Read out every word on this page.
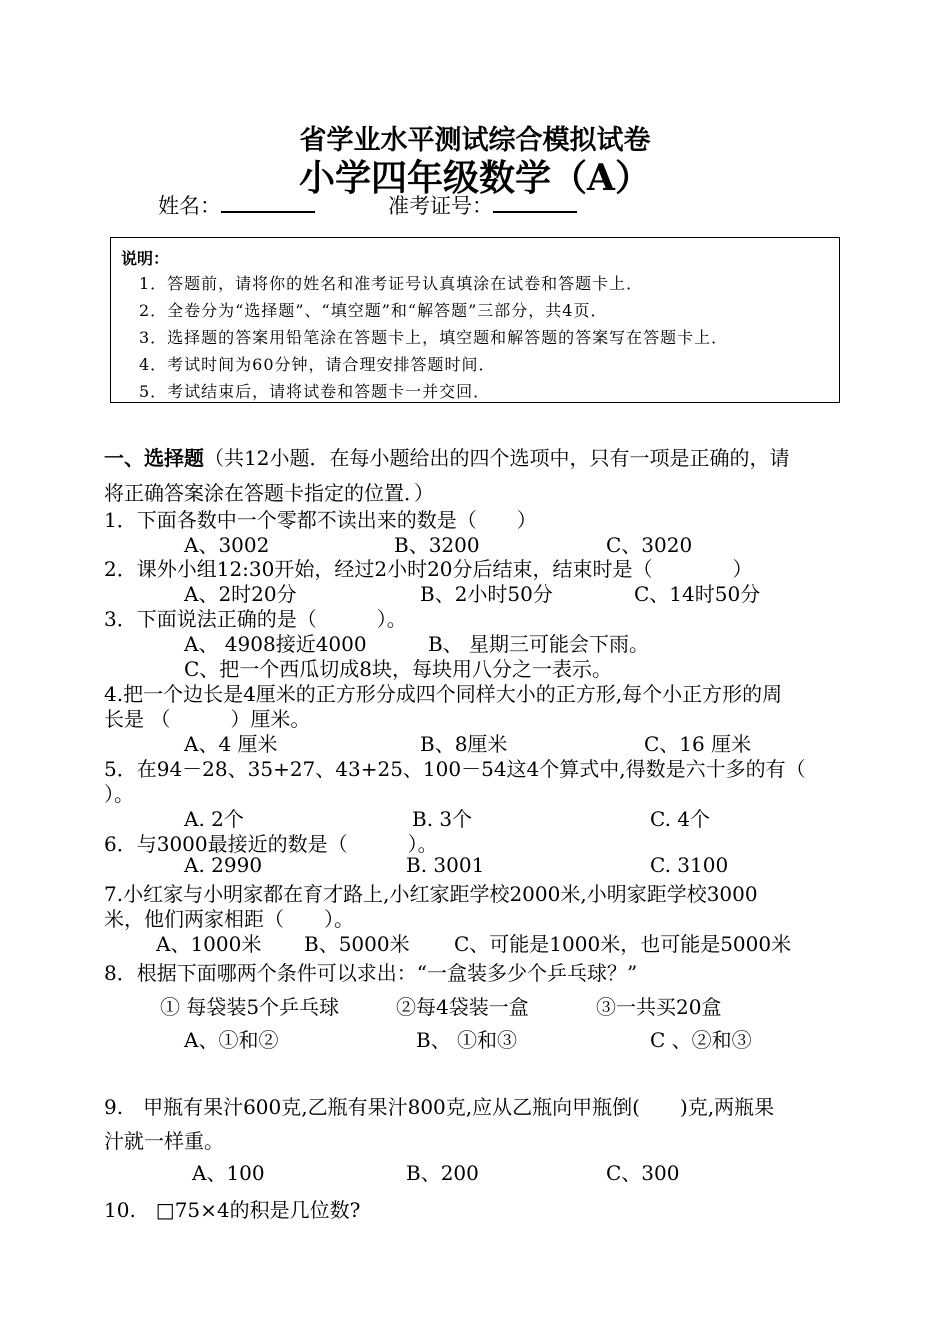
省学业水平测试综合模拟试卷
小学四年级数学（A）
姓名：	准考证号：
说明：
1．答题前，请将你的姓名和准考证号认真填涂在试卷和答题卡上．
2．全卷分为“选择题”、“填空题”和“解答题”三部分，共4页．
3．选择题的答案用铅笔涂在答题卡上，填空题和解答题的答案写在答题卡上．
4．考试时间为60分钟，请合理安排答题时间．
5．考试结束后，请将试卷和答题卡一并交回．
一、选择题（共12小题．在每小题给出的四个选项中，只有一项是正确的，请
将正确答案涂在答题卡指定的位置．）
1．下面各数中一个零都不读出来的数是（　　）
A、3002	B、3200	C、3020
2．课外小组12:30开始，经过2小时20分后结束，结束时是（　　　　）
A、2时20分	B、2小时50分	C、14时50分
3．下面说法正确的是（　　　）。
A、 4908接近4000	B、 星期三可能会下雨。
C、把一个西瓜切成8块，每块用八分之一表示。
4.把一个边长是4厘米的正方形分成四个同样大小的正方形,每个小正方形的周
长是 （　　　）厘米。
A、4 厘米	B、8厘米	C、16 厘米
5．在94－28、35+27、43+25、100－54这4个算式中,得数是六十多的有（
）。
A. 2个	B. 3个	C. 4个
6．与3000最接近的数是（　　　）。
A. 2990	B. 3001	C. 3100
7.小红家与小明家都在育才路上,小红家距学校2000米,小明家距学校3000
米，他们两家相距（　　）。
A、1000米 B、5000米 C、可能是1000米，也可能是5000米
8．根据下面哪两个条件可以求出：“一盒装多少个乒乓球？”
① 每袋装5个乒乓球	②每4袋装一盒	③一共买20盒
A、①和②	B、 ①和③	C 、②和③
9.　甲瓶有果汁600克,乙瓶有果汁800克,应从乙瓶向甲瓶倒(　　)克,两瓶果
汁就一样重。
A、100	B、200	C、300
10.　□75×4的积是几位数?
